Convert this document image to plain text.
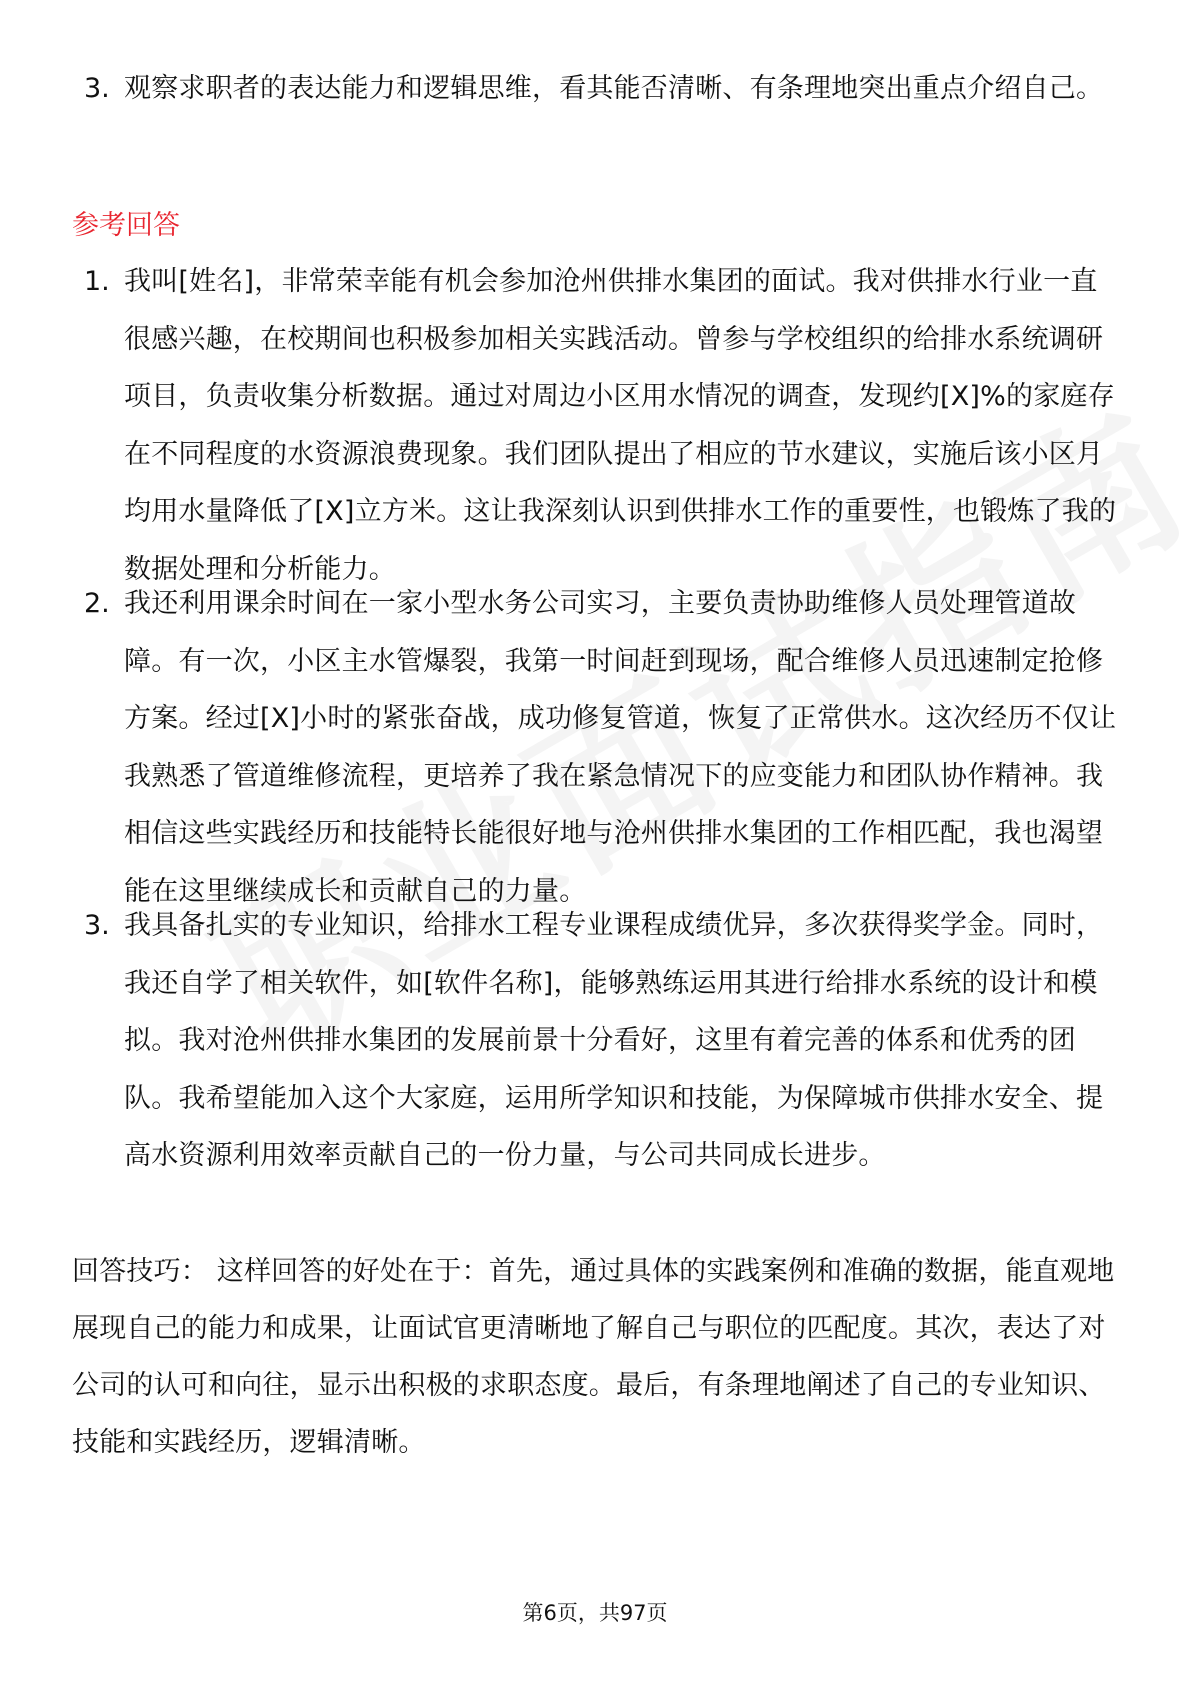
3. 观察求职者的表达能力和逻辑思维，看其能否清晰、有条理地突出重点介绍自己。
参考回答
1. 我叫[姓名]，非常荣幸能有机会参加沧州供排水集团的面试。我对供排水行业一直很感兴趣，在校期间也积极参加相关实践活动。曾参与学校组织的给排水系统调研项目，负责收集分析数据。通过对周边小区用水情况的调查，发现约[X]%的家庭存在不同程度的水资源浪费现象。我们团队提出了相应的节水建议，实施后该小区月均用水量降低了[X]立方米。这让我深刻认识到供排水工作的重要性，也锻炼了我的数据处理和分析能力。
2. 我还利用课余时间在一家小型水务公司实习，主要负责协助维修人员处理管道故障。有一次，小区主水管爆裂，我第一时间赶到现场，配合维修人员迅速制定抢修方案。经过[X]小时的紧张奋战，成功修复管道，恢复了正常供水。这次经历不仅让我熟悉了管道维修流程，更培养了我在紧急情况下的应变能力和团队协作精神。我相信这些实践经历和技能特长能很好地与沧州供排水集团的工作相匹配，我也渴望能在这里继续成长和贡献自己的力量。
3. 我具备扎实的专业知识，给排水工程专业课程成绩优异，多次获得奖学金。同时，我还自学了相关软件，如[软件名称]，能够熟练运用其进行给排水系统的设计和模拟。我对沧州供排水集团的发展前景十分看好，这里有着完善的体系和优秀的团队。我希望能加入这个大家庭，运用所学知识和技能，为保障城市供排水安全、提高水资源利用效率贡献自己的一份力量，与公司共同成长进步。
回答技巧： 这样回答的好处在于：首先，通过具体的实践案例和准确的数据，能直观地展现自己的能力和成果，让面试官更清晰地了解自己与职位的匹配度。其次，表达了对公司的认可和向往，显示出积极的求职态度。最后，有条理地阐述了自己的专业知识、技能和实践经历，逻辑清晰。
第6页，共97页
